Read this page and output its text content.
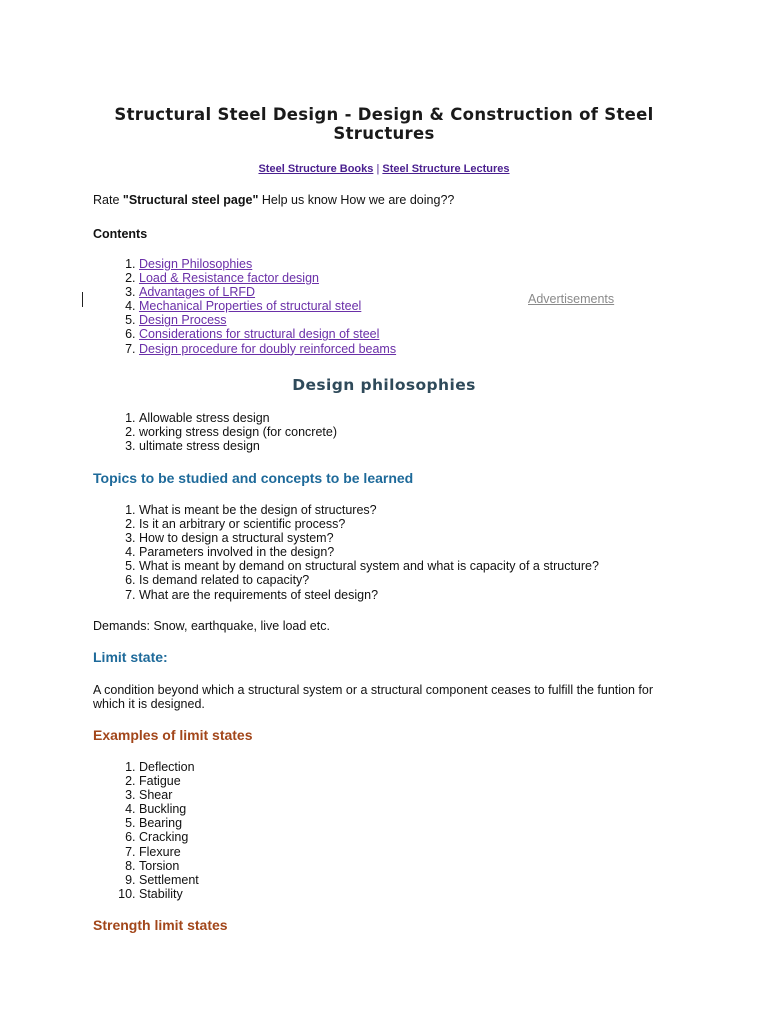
Structural Steel Design - Design & Construction of Steel Structures
Steel Structure Books | Steel Structure Lectures

Rate "Structural steel page" Help us know How we are doing??

Contents

1. Design Philosophies
2. Load & Resistance factor design
3. Advantages of LRFD
4. Mechanical Properties of structural steel
5. Design Process
6. Considerations for structural design of steel
7. Design procedure for doubly reinforced beams
Advertisements
Design philosophies
1. Allowable stress design
2. working stress design (for concrete)
3. ultimate stress design
Topics to be studied and concepts to be learned
1. What is meant be the design of structures?
2. Is it an arbitrary or scientific process?
3. How to design a structural system?
4. Parameters involved in the design?
5. What is meant by demand on structural system and what is capacity of a structure?
6. Is demand related to capacity?
7. What are the requirements of steel design?

Demands: Snow, earthquake, live load etc.

Limit state:

A condition beyond which a structural system or a structural component ceases to fulfill the funtion for which it is designed.

Examples of limit states
1. Deflection
2. Fatigue
3. Shear
4. Buckling
5. Bearing
6. Cracking
7. Flexure
8. Torsion
9. Settlement
10. Stability
Strength limit states
